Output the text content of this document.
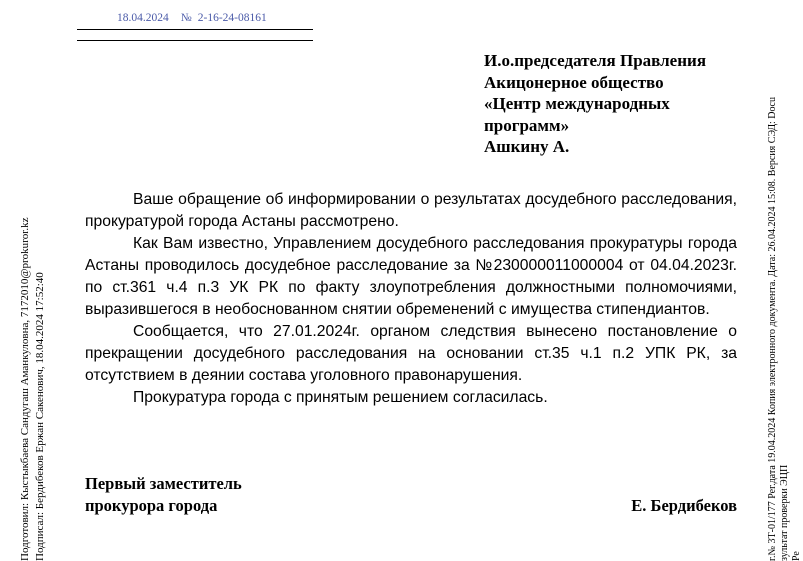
18.04.2024 № 2-16-24-08161
И.о.председателя Правления
Акицонерное общество
«Центр международных
программ»
Ашкину А.

Ваше обращение об информировании о результатах досудебного расследования, прокуратурой города Астаны рассмотрено.

Как Вам известно, Управлением досудебного расследования прокуратуры города Астаны проводилось досудебное расследование за №230000011000004 от 04.04.2023г. по ст.361 ч.4 п.3 УК РК по факту злоупотребления должностными полномочиями, выразившегося в необоснованном снятии обременений с имущества стипендиантов.

Сообщается, что 27.01.2024г. органом следствия вынесено постановление о прекращении досудебного расследования на основании ст.35 ч.1 п.2 УПК РК, за отсутствием в деянии состава уголовного правонарушения.

Прокуратура города с принятым решением согласилась.

Первый заместитель
прокурора города	Е. Бердибеков
Подготовил: Кыстыкбаева Сандугаш Аманкуловна, 7172010@prokuror.kz Подписал: Бердибеков Ержан Сакенович, 18.04.2024 17:52:40	г.№ 3Т-01/177 Рег.дата 19.04.2024 Копия электронного документа. Дата: 26.04.2024 15:08. Версия СЭД: Docu зультат проверки ЭЦП Ре
